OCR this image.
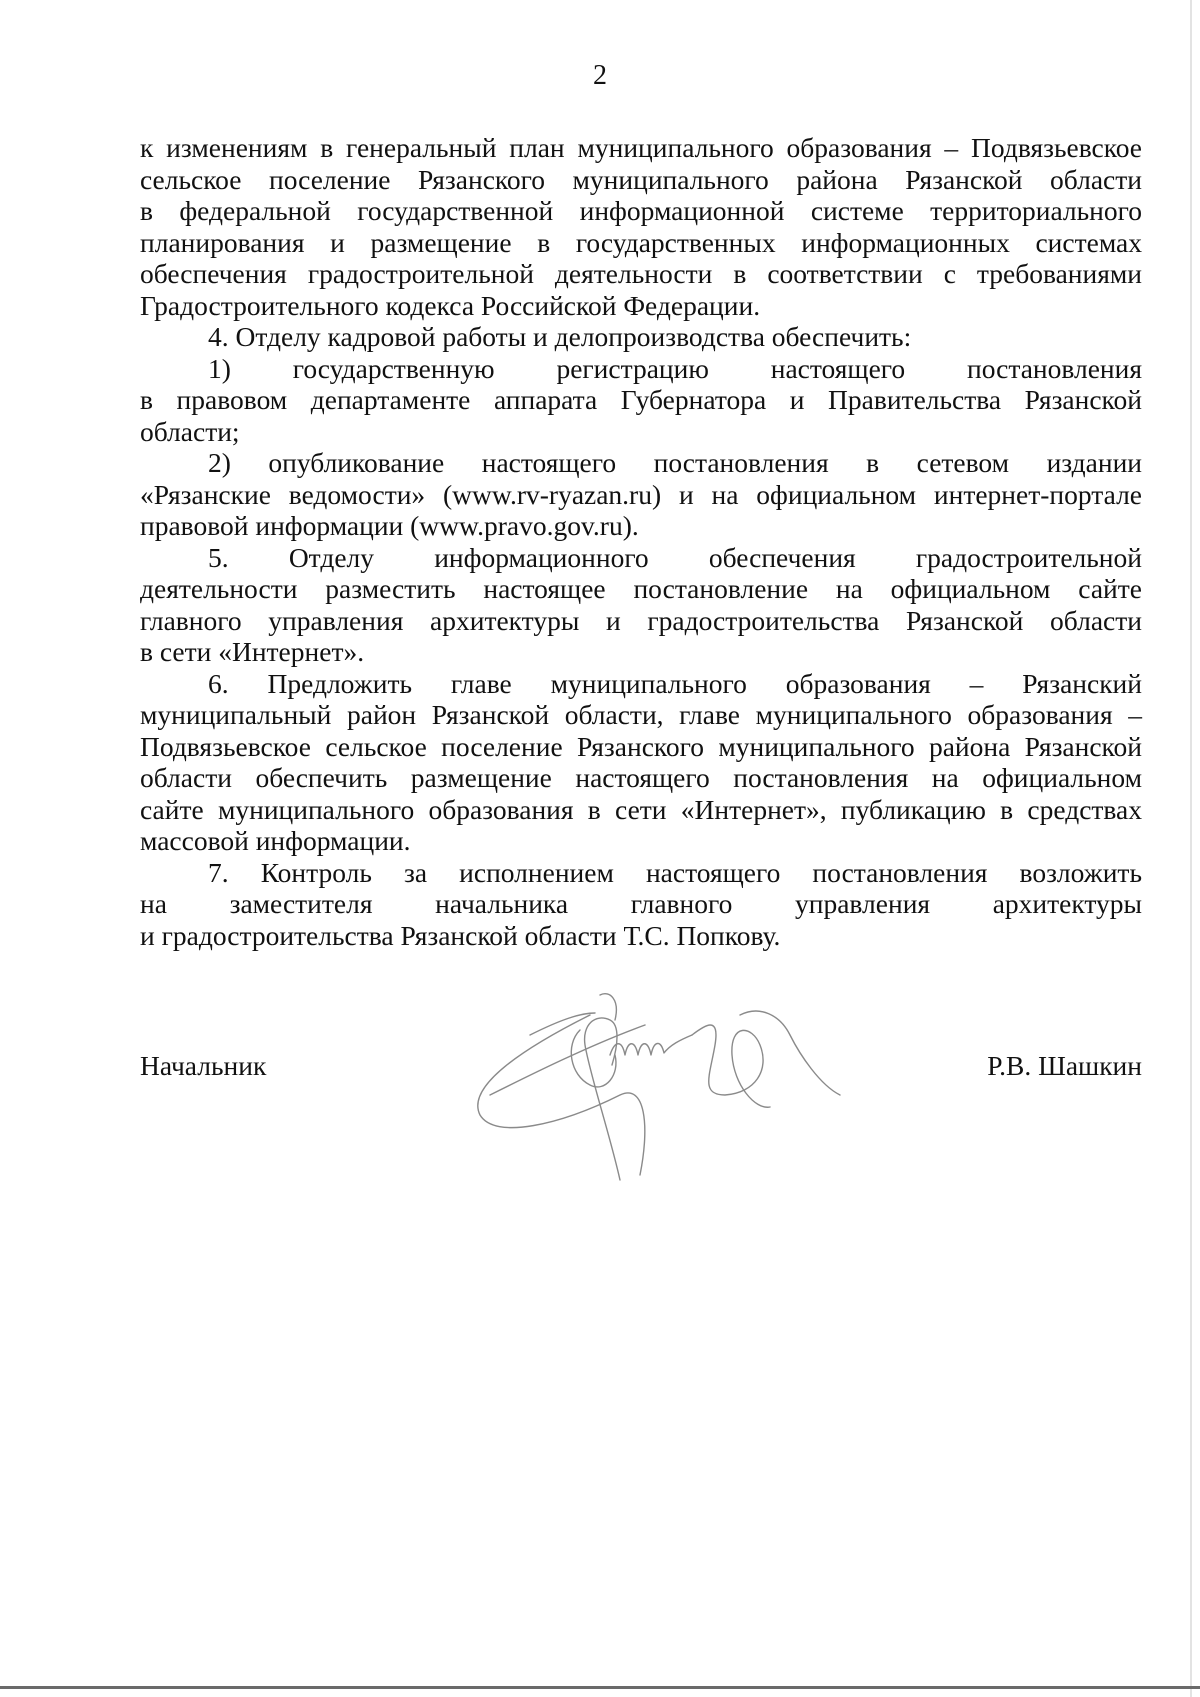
2
к изменениям в генеральный план муниципального образования – Подвязьевское
сельское поселение Рязанского муниципального района Рязанской области
в федеральной государственной информационной системе территориального
планирования и размещение в государственных информационных системах
обеспечения градостроительной деятельности в соответствии с требованиями
Градостроительного кодекса Российской Федерации.
4. Отделу кадровой работы и делопроизводства обеспечить:
1) государственную регистрацию настоящего постановления
в правовом департаменте аппарата Губернатора и Правительства Рязанской
области;
2) опубликование настоящего постановления в сетевом издании
«Рязанские ведомости» (www.rv-ryazan.ru) и на официальном интернет-портале
правовой информации (www.pravo.gov.ru).
5. Отделу информационного обеспечения градостроительной
деятельности разместить настоящее постановление на официальном сайте
главного управления архитектуры и градостроительства Рязанской области
в сети «Интернет».
6. Предложить главе муниципального образования – Рязанский
муниципальный район Рязанской области, главе муниципального образования –
Подвязьевское сельское поселение Рязанского муниципального района Рязанской
области обеспечить размещение настоящего постановления на официальном
сайте муниципального образования в сети «Интернет», публикацию в средствах
массовой информации.
7. Контроль за исполнением настоящего постановления возложить
на заместителя начальника главного управления архитектуры
и градостроительства Рязанской области Т.С. Попкову.
Начальник	Р.В. Шашкин
